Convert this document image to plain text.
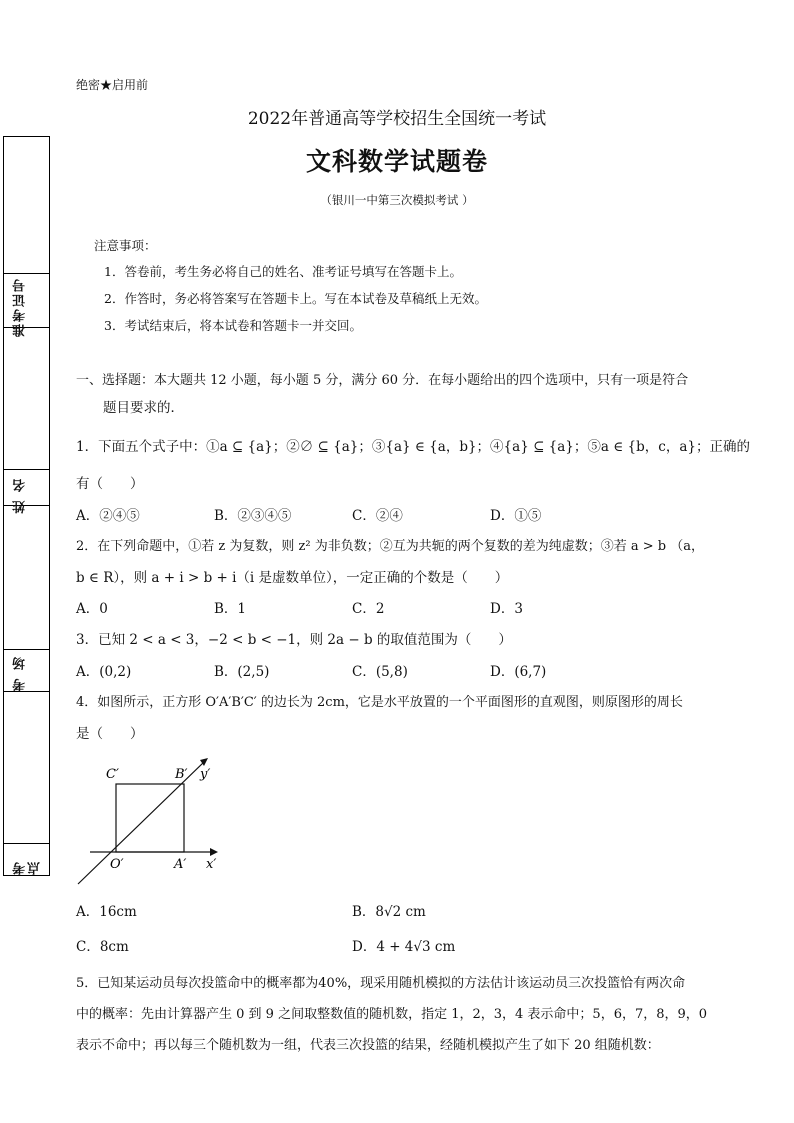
准考证号
姓 名
考 场
考 点
绝密★启用前
2022年普通高等学校招生全国统一考试
文科数学试题卷
（银川一中第三次模拟考试 ）
注意事项：
1．答卷前，考生务必将自己的姓名、准考证号填写在答题卡上。
2．作答时，务必将答案写在答题卡上。写在本试卷及草稿纸上无效。
3．考试结束后，将本试卷和答题卡一并交回。
一、选择题：本大题共 12 小题，每小题 5 分，满分 60 分．在每小题给出的四个选项中，只有一项是符合
题目要求的．
1．下面五个式子中：①a ⊆ {a}；②∅ ⊆ {a}；③{a} ∈ {a，b}；④{a} ⊆ {a}；⑤a ∈ {b，c，a}；正确的
有（　　）
A．②④⑤	B．②③④⑤	C．②④	D．①⑤
2．在下列命题中，①若 z 为复数，则 z² 为非负数；②互为共轭的两个复数的差为纯虚数；③若 a > b （a，
b ∈ R），则 a + i > b + i（i 是虚数单位），一定正确的个数是（　　）
A．0	B．1	C．2	D．3
3．已知 2 < a < 3，−2 < b < −1，则 2a − b 的取值范围为（　　）
A．(0,2)	B．(2,5)	C．(5,8)	D．(6,7)
4．如图所示，正方形 O′A′B′C′ 的边长为 2cm，它是水平放置的一个平面图形的直观图，则原图形的周长
是（　　）
C′	B′ y′
O′	A′ x′
A．16cm	B．8√2 cm
C．8cm	D．4 + 4√3 cm
5．已知某运动员每次投篮命中的概率都为40%，现采用随机模拟的方法估计该运动员三次投篮恰有两次命
中的概率：先由计算器产生 0 到 9 之间取整数值的随机数，指定 1，2，3，4 表示命中；5，6，7，8，9，0
表示不命中；再以每三个随机数为一组，代表三次投篮的结果，经随机模拟产生了如下 20 组随机数：
